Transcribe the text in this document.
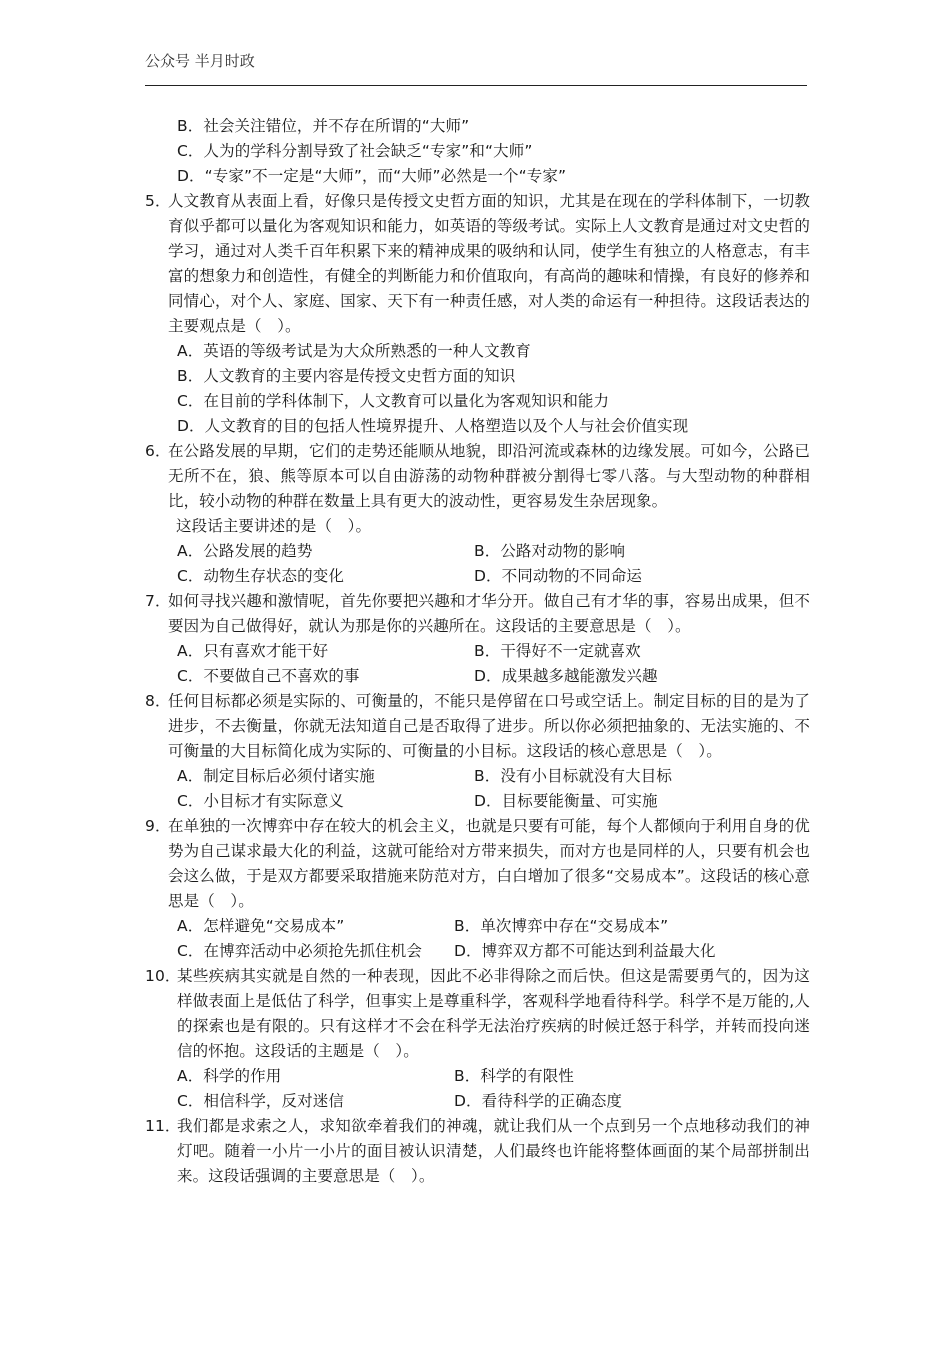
公众号 半月时政
B．社会关注错位，并不存在所谓的“大师”
C．人为的学科分割导致了社会缺乏“专家”和“大师”
D．“专家”不一定是“大师”，而“大师”必然是一个“专家”
5．
人文教育从表面上看，好像只是传授文史哲方面的知识，尤其是在现在的学科体制下，一切教育似乎都可以量化为客观知识和能力，如英语的等级考试。实际上人文教育是通过对文史哲的学习，通过对人类千百年积累下来的精神成果的吸纳和认同，使学生有独立的人格意志，有丰富的想象力和创造性，有健全的判断能力和价值取向，有高尚的趣味和情操，有良好的修养和同情心，对个人、家庭、国家、天下有一种责任感，对人类的命运有一种担待。这段话表达的主要观点是（　）。
A．英语的等级考试是为大众所熟悉的一种人文教育
B．人文教育的主要内容是传授文史哲方面的知识
C．在目前的学科体制下，人文教育可以量化为客观知识和能力
D．人文教育的目的包括人性境界提升、人格塑造以及个人与社会价值实现
6．
在公路发展的早期，它们的走势还能顺从地貌，即沿河流或森林的边缘发展。可如今，公路已无所不在，狼、熊等原本可以自由游荡的动物种群被分割得七零八落。与大型动物的种群相比，较小动物的种群在数量上具有更大的波动性，更容易发生杂居现象。
这段话主要讲述的是（　）。
A．公路发展的趋势	B．公路对动物的影响
C．动物生存状态的变化	D．不同动物的不同命运
7．
如何寻找兴趣和激情呢，首先你要把兴趣和才华分开。做自己有才华的事，容易出成果，但不要因为自己做得好，就认为那是你的兴趣所在。这段话的主要意思是（　）。
A．只有喜欢才能干好	B．干得好不一定就喜欢
C．不要做自己不喜欢的事	D．成果越多越能激发兴趣
8．
任何目标都必须是实际的、可衡量的，不能只是停留在口号或空话上。制定目标的目的是为了进步，不去衡量，你就无法知道自己是否取得了进步。所以你必须把抽象的、无法实施的、不可衡量的大目标简化成为实际的、可衡量的小目标。这段话的核心意思是（　）。
A．制定目标后必须付诸实施	B．没有小目标就没有大目标
C．小目标才有实际意义	D．目标要能衡量、可实施
9．
在单独的一次博弈中存在较大的机会主义，也就是只要有可能，每个人都倾向于利用自身的优势为自己谋求最大化的利益，这就可能给对方带来损失，而对方也是同样的人，只要有机会也会这么做，于是双方都要采取措施来防范对方，白白增加了很多“交易成本”。这段话的核心意思是（　）。
A．怎样避免“交易成本”	B．单次博弈中存在“交易成本”
C．在博弈活动中必须抢先抓住机会	D．博弈双方都不可能达到利益最大化
10．
某些疾病其实就是自然的一种表现，因此不必非得除之而后快。但这是需要勇气的，因为这样做表面上是低估了科学，但事实上是尊重科学，客观科学地看待科学。科学不是万能的,人的探索也是有限的。只有这样才不会在科学无法治疗疾病的时候迁怒于科学，并转而投向迷信的怀抱。这段话的主题是（　）。
A．科学的作用	B．科学的有限性
C．相信科学，反对迷信	D．看待科学的正确态度
11．
我们都是求索之人，求知欲牵着我们的神魂，就让我们从一个点到另一个点地移动我们的神灯吧。随着一小片一小片的面目被认识清楚，人们最终也许能将整体画面的某个局部拼制出来。这段话强调的主要意思是（　）。
